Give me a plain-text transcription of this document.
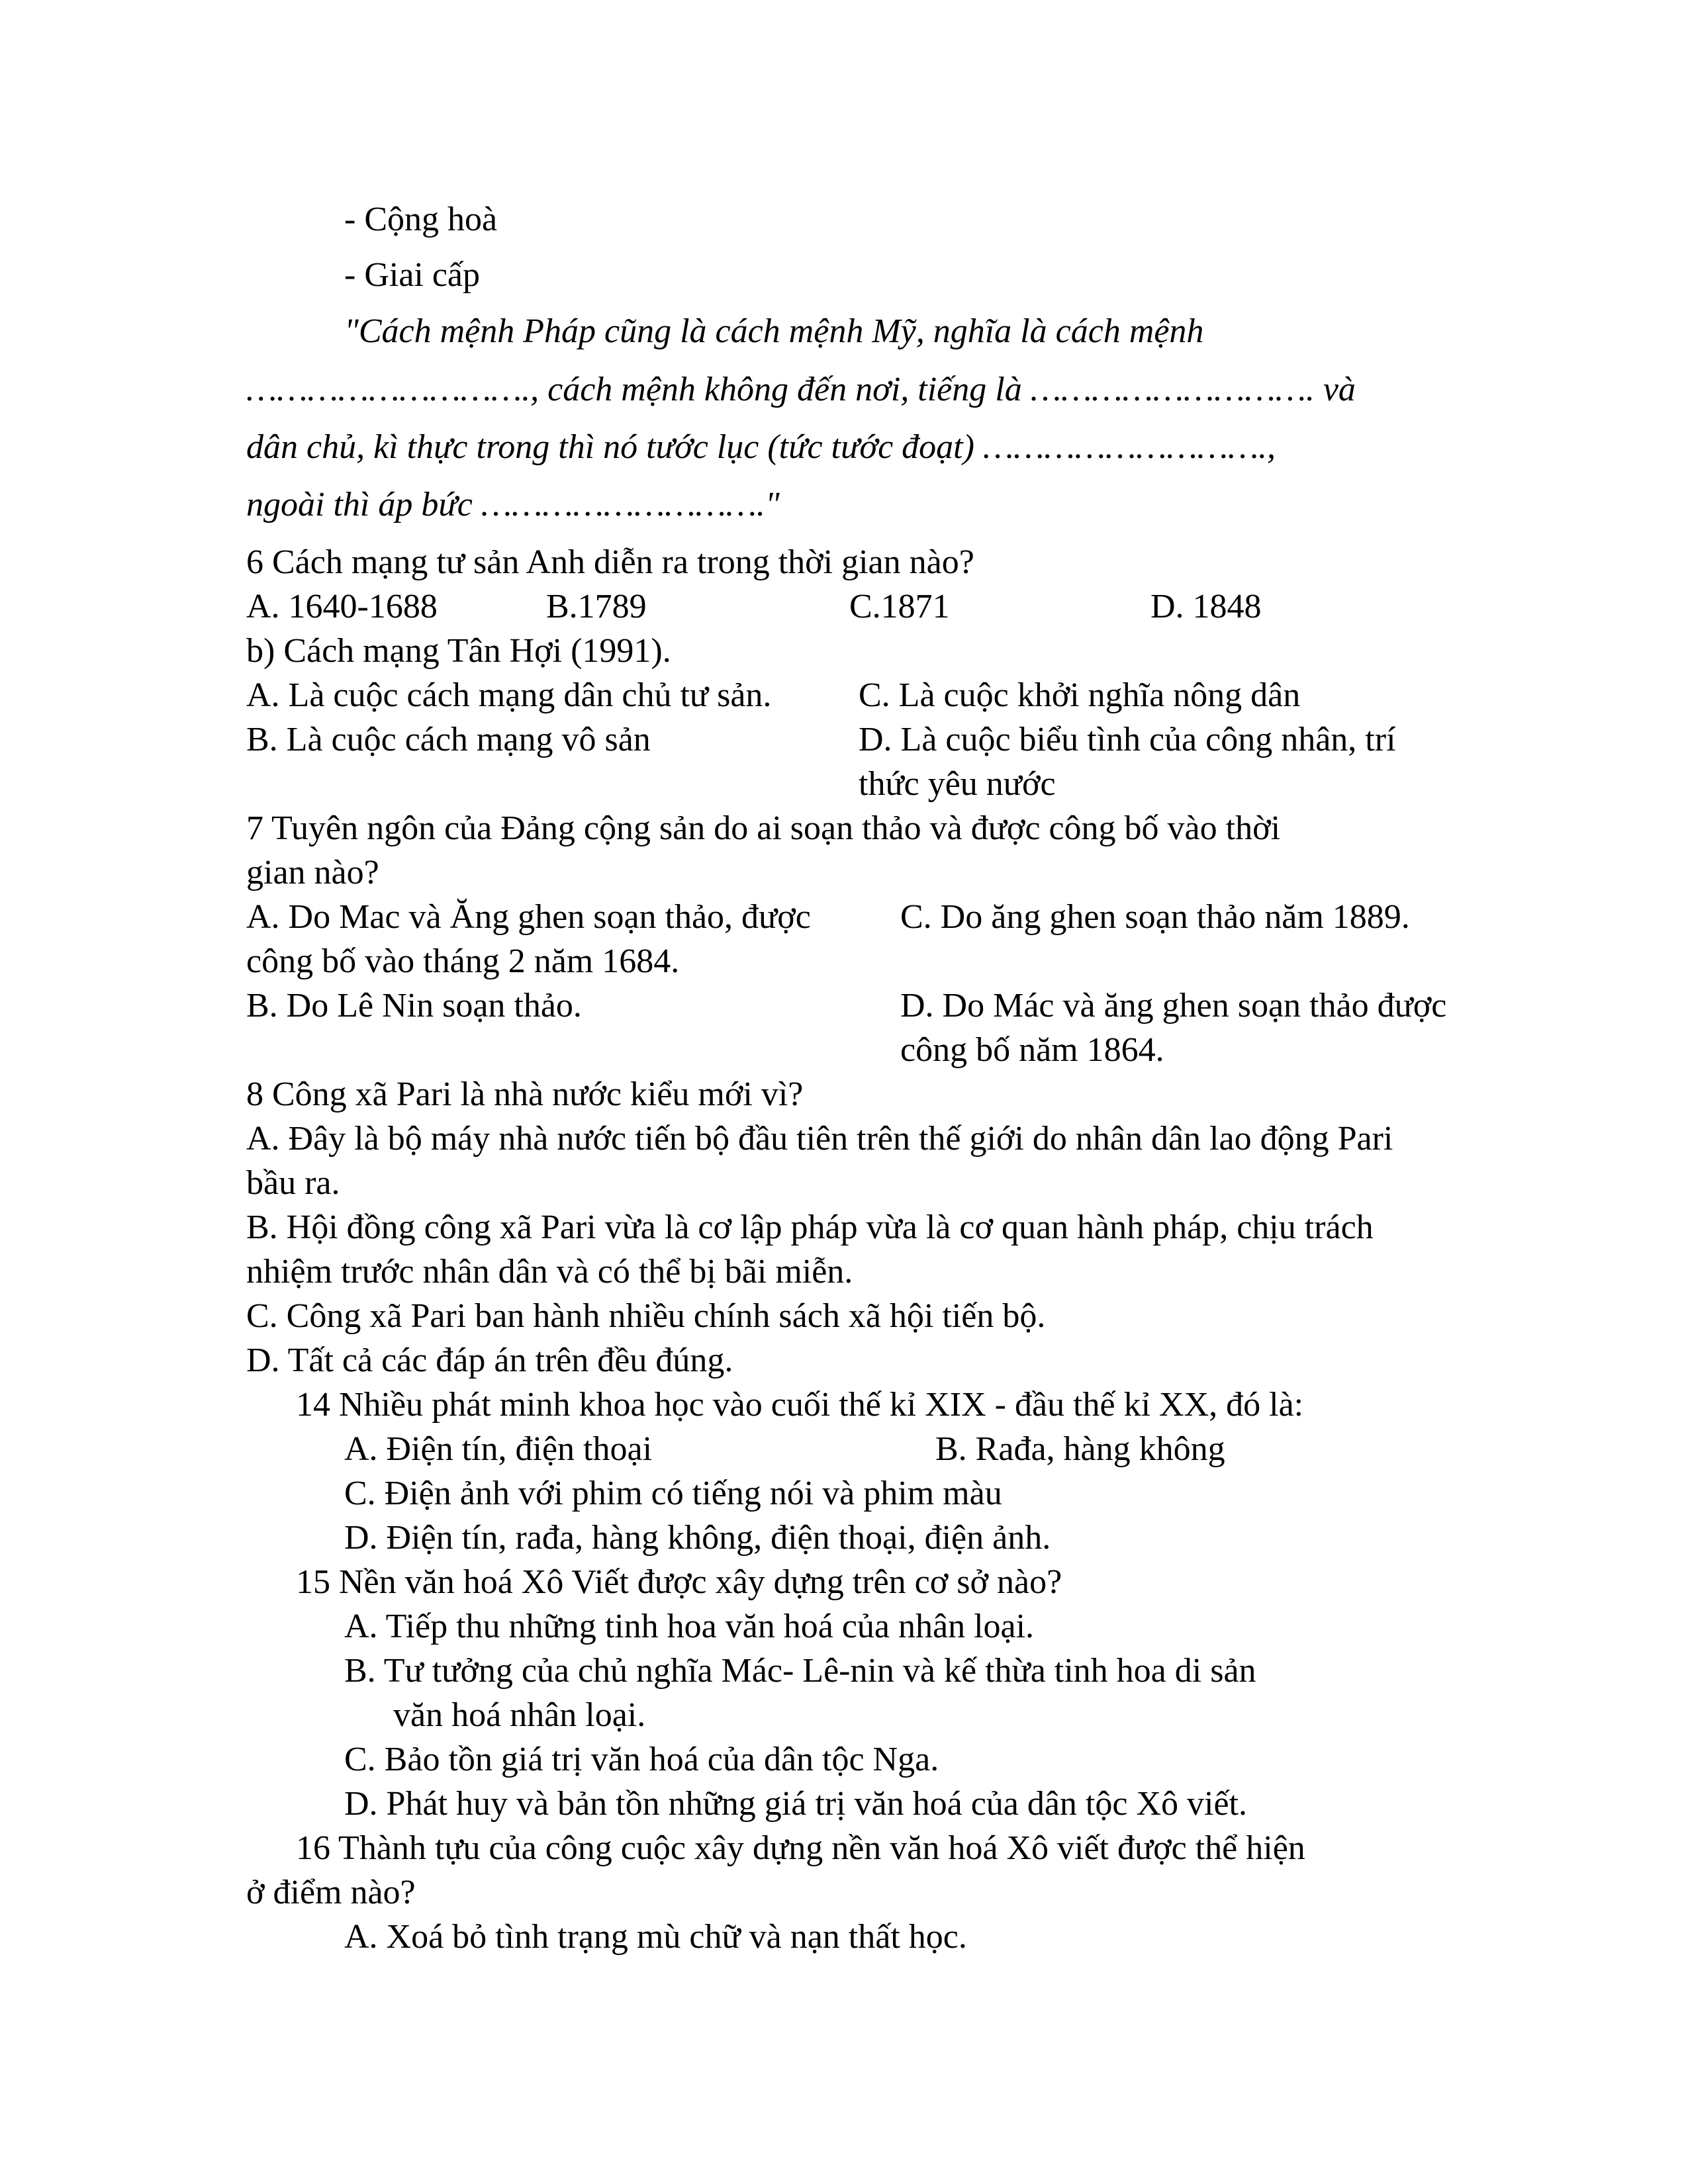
- Cộng hoà
- Giai cấp
"Cách mệnh Pháp cũng là cách mệnh Mỹ, nghĩa là cách mệnh
………………………., cách mệnh không đến nơi, tiếng là ………………………. và
dân chủ, kì thực trong thì nó tước lục (tức tước đoạt) ……………………….,
ngoài thì áp bức ………………………."
6 Cách mạng tư sản Anh diễn ra trong thời gian nào?
A. 1640-1688	B.1789	C.1871	D. 1848
b) Cách mạng Tân Hợi (1991).
A. Là cuộc cách mạng dân chủ tư sản.	C. Là cuộc khởi nghĩa nông dân
B. Là cuộc cách mạng vô sản	D. Là cuộc biểu tình của công nhân, trí
thức yêu nước
7 Tuyên ngôn của Đảng cộng sản do ai soạn thảo và được công bố vào thời
gian nào?
A. Do Mac và Ăng ghen soạn thảo, được	C. Do ăng ghen soạn thảo năm 1889.
công bố vào tháng 2 năm 1684.
B. Do Lê Nin soạn thảo.	D. Do Mác và ăng ghen soạn thảo được
công bố năm 1864.
8 Công xã Pari là nhà nước kiểu mới vì?
A. Đây là bộ máy nhà nước tiến bộ đầu tiên trên thế giới do nhân dân lao động Pari
bầu ra.
B. Hội đồng công xã Pari vừa là cơ lập pháp vừa là cơ quan hành pháp, chịu trách
nhiệm trước nhân dân và có thể bị bãi miễn.
C. Công xã Pari ban hành nhiều chính sách xã hội tiến bộ.
D. Tất cả các đáp án trên đều đúng.
14 Nhiều phát minh khoa học vào cuối thế kỉ XIX - đầu thế kỉ XX, đó là:
A. Điện tín, điện thoại	B. Rađa, hàng không
C. Điện ảnh với phim có tiếng nói và phim màu
D. Điện tín, rađa, hàng không, điện thoại, điện ảnh.
15 Nền văn hoá Xô Viết được xây dựng trên cơ sở nào?
A. Tiếp thu những tinh hoa văn hoá của nhân loại.
B. Tư tưởng của chủ nghĩa Mác- Lê-nin và kế thừa tinh hoa di sản
văn hoá nhân loại.
C. Bảo tồn giá trị văn hoá của dân tộc Nga.
D. Phát huy và bản tồn những giá trị văn hoá của dân tộc Xô viết.
16 Thành tựu của công cuộc xây dựng nền văn hoá Xô viết được thể hiện
ở điểm nào?
A. Xoá bỏ tình trạng mù chữ và nạn thất học.
